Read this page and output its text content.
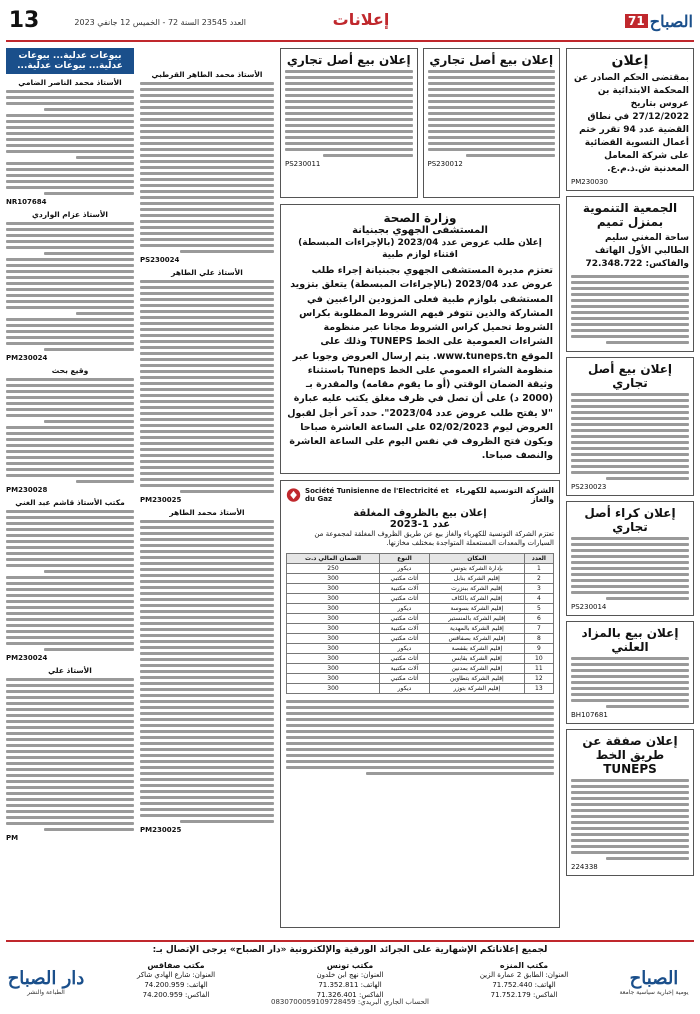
13	العدد 23545 السنة 72 - الخميس 12 جانفي 2023	إعلانات	71 الصباح
بيوعات عدلية... بيوعات عدلية... بيوعات عدلية...
الأستاذ محمد الناصر الضامي
NR107684
الأستاذ عزام الواردي
PM230024
وقيع بحث
PM230028
مكتب الأستاذ قاشم عبد الغني
PM230024
الأستاذ علي
PM
الأستاذ محمد الطاهر القرطبي
PS230024
الأستاذ علي الطاهر
PM230025
الأستاذ محمد الطاهر
PM230025
إعلان بيع أصل تجاري
PS230012
إعلان بيع أصل تجاري
PS230011
وزارة الصحة
المستشفى الجهوي بجبنيانة
إعلان طلب عروض عدد 2023/04 (بالإجراءات المبسطة)
اقتناء لوازم طبية
تعتزم مديرة المستشفى الجهوي بجبنيانة إجراء طلب عروض عدد 2023/04 (بالإجراءات المبسطة) يتعلق بتزويد المستشفى بلوازم طبية فعلى المزودين الراغبين في المشاركة والذين تتوفر فيهم الشروط المطلوبة بكراس الشروط تحميل كراس الشروط مجانا عبر منظومة الشراءات العمومية على الخط TUNEPS وذلك على الموقع www.tuneps.tn. يتم إرسال العروض وجوبا عبر منظومة الشراء العمومي على الخط Tuneps باستثناء وثيقة الضمان الوقتي (أو ما يقوم مقامه) والمقدرة بـ (2000 د) على أن تصل في ظرف مغلق يكتب عليه عبارة "لا يفتح طلب عروض عدد 2023/04". حدد آخر أجل لقبول العروض ليوم 02/02/2023 على الساعة العاشرة صباحا ويكون فتح الظروف في نفس اليوم على الساعة العاشرة والنصف صباحا.
الشركة التونسية للكهرباء والغاز
Société Tunisienne de l'Electricité et du Gaz
إعلان بيع بالظروف المغلقة
عدد 1-2023
تعتزم الشركة التونسية للكهرباء والغاز بيع عن طريق الظروف المغلقة لمجموعة من السيارات والمعدات المستعملة المتواجدة بمختلف مخازنها.
العدد	المكان	النوع	الضمان المالي د.ت
1	بإدارة الشركة بتونس	ديكور	250
2	إقليم الشركة بنابل	أثاث مكتبي	300
3	إقليم الشركة ببنزرت	آلات مكتبية	300
4	إقليم الشركة بالكاف	أثاث مكتبي	300
5	إقليم الشركة بسوسة	ديكور	300
6	إقليم الشركة بالمنستير	أثاث مكتبي	300
7	إقليم الشركة بالمهدية	آلات مكتبية	300
8	إقليم الشركة بصفاقس	أثاث مكتبي	300
9	إقليم الشركة بقفصة	ديكور	300
10	إقليم الشركة بقابس	أثاث مكتبي	300
11	إقليم الشركة بمدنين	آلات مكتبية	300
12	إقليم الشركة بتطاوين	أثاث مكتبي	300
13	إقليم الشركة بتوزر	ديكور	300
إعلان
بمقتضى الحكم الصادر عن المحكمة الابتدائية بن عروس بتاريخ 27/12/2022 في نطاق القضية عدد 94 تقرر ختم أعمال التسوية القضائية على شركة المعامل المعدنية ش.ذ.م.ع.
PM230030
الجمعية التنموية بمنزل تميم
ساحة المغني سليم الطالبي الأول الهاتف والفاكس: 72.348.722
إعلان بيع أصل تجاري
PS230023
إعلان كراء أصل تجاري
PS230014
إعلان بيع بالمزاد العلني
BH107681
إعلان صفقة عن طريق الخط TUNEPS
224338
لجميع إعلاناتكم الإشهارية على الجرائد الورقية والإلكترونية «دار الصباح» يرجى الإتصال بـ:
دار الصباح
الطباعة والنشر
مكتب المنزه
العنوان: الطابق 2 عمارة الزين
الهاتف: 71.752.440
الفاكس: 71.752.179
مكتب تونس
العنوان: نهج ابن خلدون
الهاتف: 71.352.811
الفاكس: 71.326.401
مكتب صفاقس
العنوان: شارع الهادي شاكر
الهاتف: 74.200.959
الفاكس: 74.200.959
الصباح
يومية إخبارية سياسية جامعة
الحساب الجاري البريدي: 0830700059109728459
